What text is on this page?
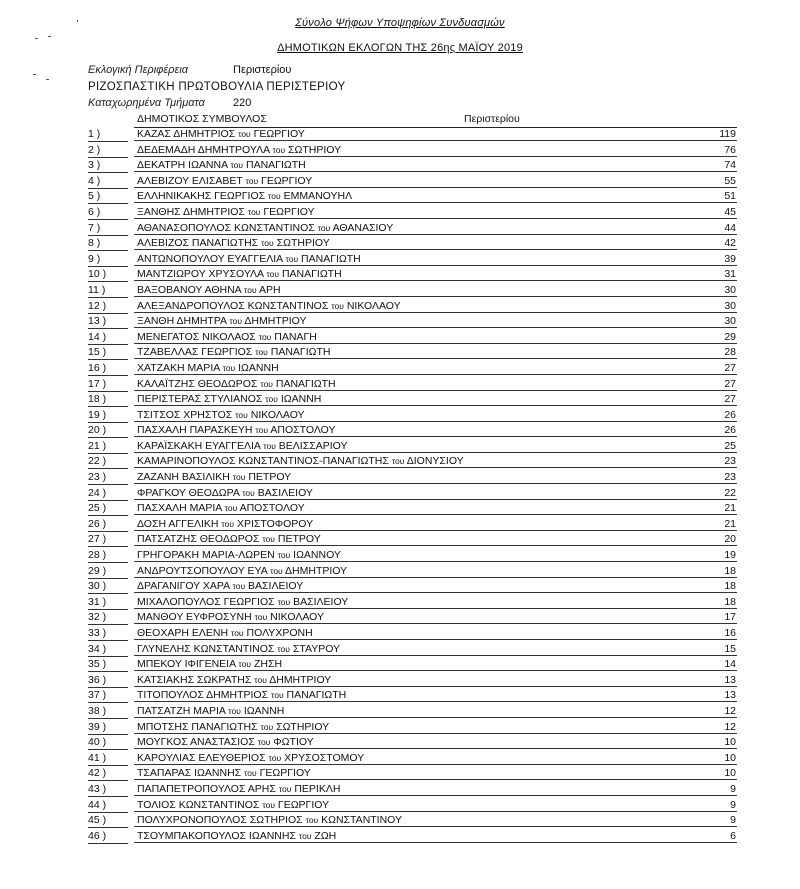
Σύνολο Ψήφων Υποψηφίων Συνδυασμών
ΔΗΜΟΤΙΚΩΝ ΕΚΛΟΓΩΝ ΤΗΣ 26ης ΜΑΪΟΥ 2019
Εκλογική Περιφέρεια	Περιστερίου
ΡΙΖΟΣΠΑΣΤΙΚΗ ΠΡΩΤΟΒΟΥΛΙΑ ΠΕΡΙΣΤΕΡΙΟΥ
Καταχωρημένα Τμήματα	220
ΔΗΜΟΤΙΚΟΣ ΣΥΜΒΟΥΛΟΣ	Περιστερίου
1 )	ΚΑΖΑΣ ΔΗΜΗΤΡΙΟΣ του ΓΕΩΡΓΙΟΥ	119
2 )	ΔΕΔΕΜΑΔΗ ΔΗΜΗΤΡΟΥΛΑ του ΣΩΤΗΡΙΟΥ	76
3 )	ΔΕΚΑΤΡΗ ΙΩΑΝΝΑ του ΠΑΝΑΓΙΩΤΗ	74
4 )	ΑΛΕΒΙΖΟΥ ΕΛΙΣΑΒΕΤ του ΓΕΩΡΓΙΟΥ	55
5 )	ΕΛΛΗΝΙΚΑΚΗΣ ΓΕΩΡΓΙΟΣ του ΕΜΜΑΝΟΥΗΛ	51
6 )	ΞΑΝΘΗΣ ΔΗΜΗΤΡΙΟΣ του ΓΕΩΡΓΙΟΥ	45
7 )	ΑΘΑΝΑΣΟΠΟΥΛΟΣ ΚΩΝΣΤΑΝΤΙΝΟΣ του ΑΘΑΝΑΣΙΟΥ	44
8 )	ΑΛΕΒΙΖΟΣ ΠΑΝΑΓΙΩΤΗΣ του ΣΩΤΗΡΙΟΥ	42
9 )	ΑΝΤΩΝΟΠΟΥΛΟΥ ΕΥΑΓΓΕΛΙΑ του ΠΑΝΑΓΙΩΤΗ	39
10 )	ΜΑΝΤΖΙΩΡΟΥ ΧΡΥΣΟΥΛΑ του ΠΑΝΑΓΙΩΤΗ	31
11 )	ΒΑΞΟΒΑΝΟΥ ΑΘΗΝΑ του ΑΡΗ	30
12 )	ΑΛΕΞΑΝΔΡΟΠΟΥΛΟΣ ΚΩΝΣΤΑΝΤΙΝΟΣ του ΝΙΚΟΛΑΟΥ	30
13 )	ΞΑΝΘΗ ΔΗΜΗΤΡΑ του ΔΗΜΗΤΡΙΟΥ	30
14 )	ΜΕΝΕΓΑΤΟΣ ΝΙΚΟΛΑΟΣ του ΠΑΝΑΓΗ	29
15 )	ΤΖΑΒΕΛΛΑΣ ΓΕΩΡΓΙΟΣ του ΠΑΝΑΓΙΩΤΗ	28
16 )	ΧΑΤΖΑΚΗ ΜΑΡΙΑ του ΙΩΑΝΝΗ	27
17 )	ΚΑΛΑΪΤΖΗΣ ΘΕΟΔΩΡΟΣ του ΠΑΝΑΓΙΩΤΗ	27
18 )	ΠΕΡΙΣΤΕΡΑΣ ΣΤΥΛΙΑΝΟΣ του ΙΩΑΝΝΗ	27
19 )	ΤΣΙΤΣΟΣ ΧΡΗΣΤΟΣ του ΝΙΚΟΛΑΟΥ	26
20 )	ΠΑΣΧΑΛΗ ΠΑΡΑΣΚΕΥΗ του ΑΠΟΣΤΟΛΟΥ	26
21 )	ΚΑΡΑΪΣΚΑΚΗ ΕΥΑΓΓΕΛΙΑ του ΒΕΛΙΣΣΑΡΙΟΥ	25
22 )	ΚΑΜΑΡΙΝΟΠΟΥΛΟΣ ΚΩΝΣΤΑΝΤΙΝΟΣ-ΠΑΝΑΓΙΩΤΗΣ του ΔΙΟΝΥΣΙΟΥ	23
23 )	ΖΑΖΑΝΗ ΒΑΣΙΛΙΚΗ του ΠΕΤΡΟΥ	23
24 )	ΦΡΑΓΚΟΥ ΘΕΟΔΩΡΑ του ΒΑΣΙΛΕΙΟΥ	22
25 )	ΠΑΣΧΑΛΗ ΜΑΡΙΑ του ΑΠΟΣΤΟΛΟΥ	21
26 )	ΔΟΣΗ ΑΓΓΕΛΙΚΗ του ΧΡΙΣΤΟΦΟΡΟΥ	21
27 )	ΠΑΤΣΑΤΖΗΣ ΘΕΟΔΩΡΟΣ του ΠΕΤΡΟΥ	20
28 )	ΓΡΗΓΟΡΑΚΗ ΜΑΡΙΑ-ΛΩΡΕΝ του ΙΩΑΝΝΟΥ	19
29 )	ΑΝΔΡΟΥΤΣΟΠΟΥΛΟΥ ΕΥΑ του ΔΗΜΗΤΡΙΟΥ	18
30 )	ΔΡΑΓΑΝΙΓΟΥ ΧΑΡΑ του ΒΑΣΙΛΕΙΟΥ	18
31 )	ΜΙΧΑΛΟΠΟΥΛΟΣ ΓΕΩΡΓΙΟΣ του ΒΑΣΙΛΕΙΟΥ	18
32 )	ΜΑΝΘΟΥ ΕΥΦΡΟΣΥΝΗ του ΝΙΚΟΛΑΟΥ	17
33 )	ΘΕΟΧΑΡΗ ΕΛΕΝΗ του ΠΟΛΥΧΡΟΝΗ	16
34 )	ΓΛΥΝΕΛΗΣ ΚΩΝΣΤΑΝΤΙΝΟΣ του ΣΤΑΥΡΟΥ	15
35 )	ΜΠΕΚΟΥ ΙΦΙΓΕΝΕΙΑ του ΖΗΣΗ	14
36 )	ΚΑΤΣΙΑΚΗΣ ΣΩΚΡΑΤΗΣ του ΔΗΜΗΤΡΙΟΥ	13
37 )	ΤΙΤΟΠΟΥΛΟΣ ΔΗΜΗΤΡΙΟΣ του ΠΑΝΑΓΙΩΤΗ	13
38 )	ΠΑΤΣΑΤΖΗ ΜΑΡΙΑ του ΙΩΑΝΝΗ	12
39 )	ΜΠΟΤΣΗΣ ΠΑΝΑΓΙΩΤΗΣ του ΣΩΤΗΡΙΟΥ	12
40 )	ΜΟΥΓΚΟΣ ΑΝΑΣΤΑΣΙΟΣ του ΦΩΤΙΟΥ	10
41 )	ΚΑΡΟΥΛΙΑΣ ΕΛΕΥΘΕΡΙΟΣ του ΧΡΥΣΟΣΤΟΜΟΥ	10
42 )	ΤΣΑΠΑΡΑΣ ΙΩΑΝΝΗΣ του ΓΕΩΡΓΙΟΥ	10
43 )	ΠΑΠΑΠΕΤΡΟΠΟΥΛΟΣ ΑΡΗΣ του ΠΕΡΙΚΛΗ	9
44 )	ΤΟΛΙΟΣ ΚΩΝΣΤΑΝΤΙΝΟΣ του ΓΕΩΡΓΙΟΥ	9
45 )	ΠΟΛΥΧΡΟΝΟΠΟΥΛΟΣ ΣΩΤΗΡΙΟΣ του ΚΩΝΣΤΑΝΤΙΝΟΥ	9
46 )	ΤΣΟΥΜΠΑΚΟΠΟΥΛΟΣ ΙΩΑΝΝΗΣ του ΖΩΗ	6
